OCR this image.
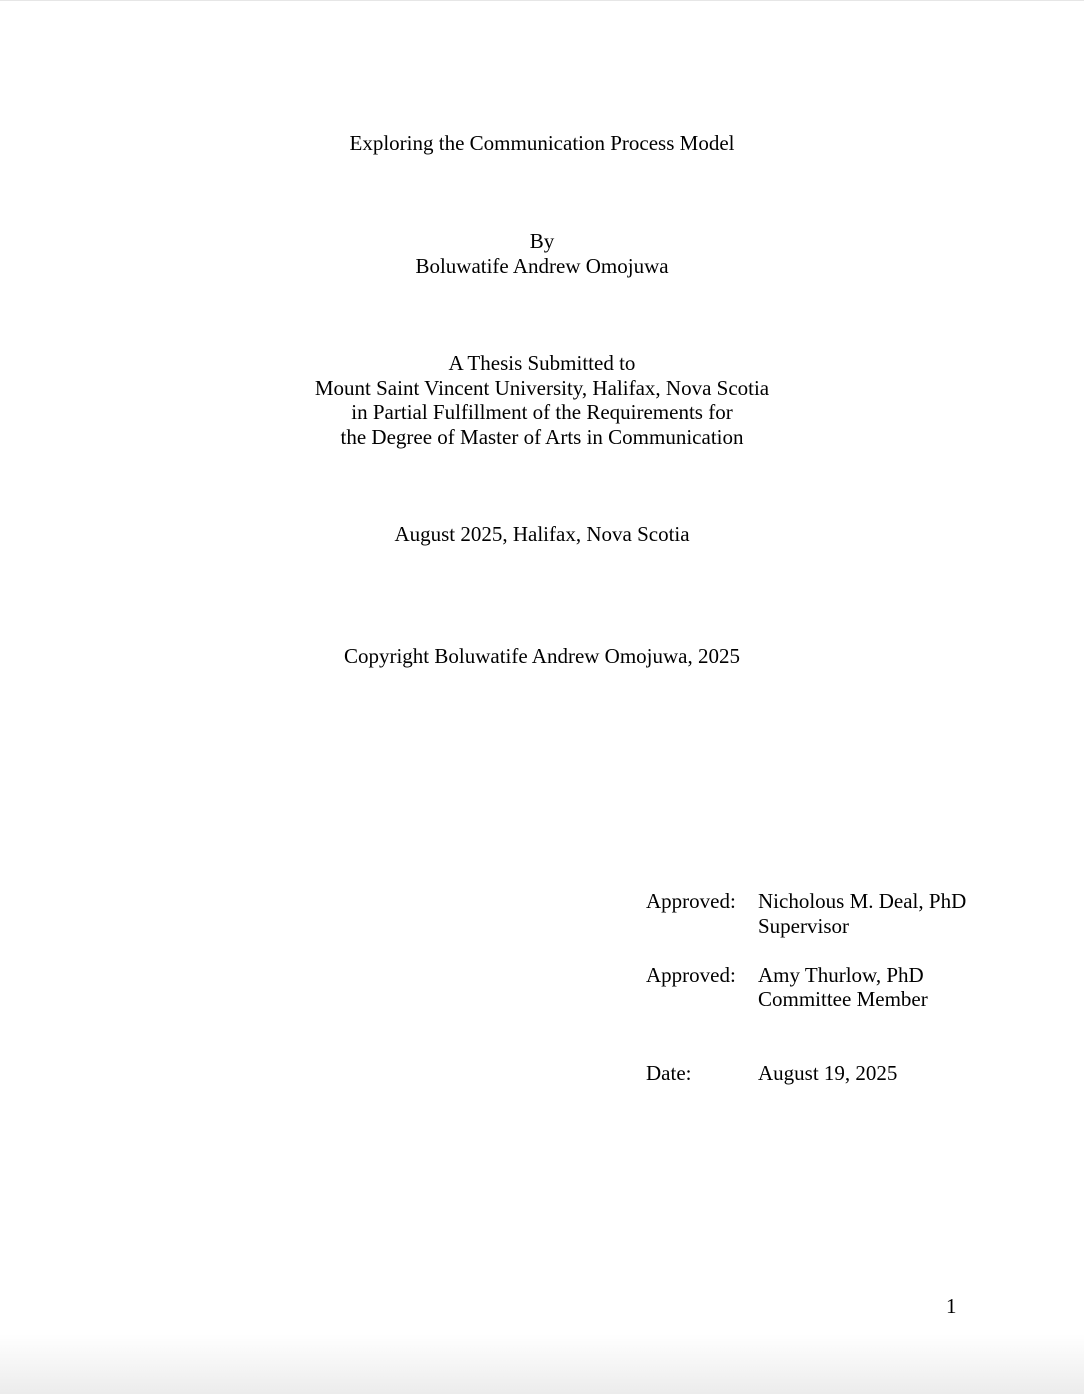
Exploring the Communication Process Model
By
Boluwatife Andrew Omojuwa
A Thesis Submitted to
Mount Saint Vincent University, Halifax, Nova Scotia
in Partial Fulfillment of the Requirements for
the Degree of Master of Arts in Communication
August 2025, Halifax, Nova Scotia
Copyright Boluwatife Andrew Omojuwa, 2025
Approved: Nicholous M. Deal, PhD
Supervisor
Approved: Amy Thurlow, PhD
Committee Member
Date:	August 19, 2025
1
